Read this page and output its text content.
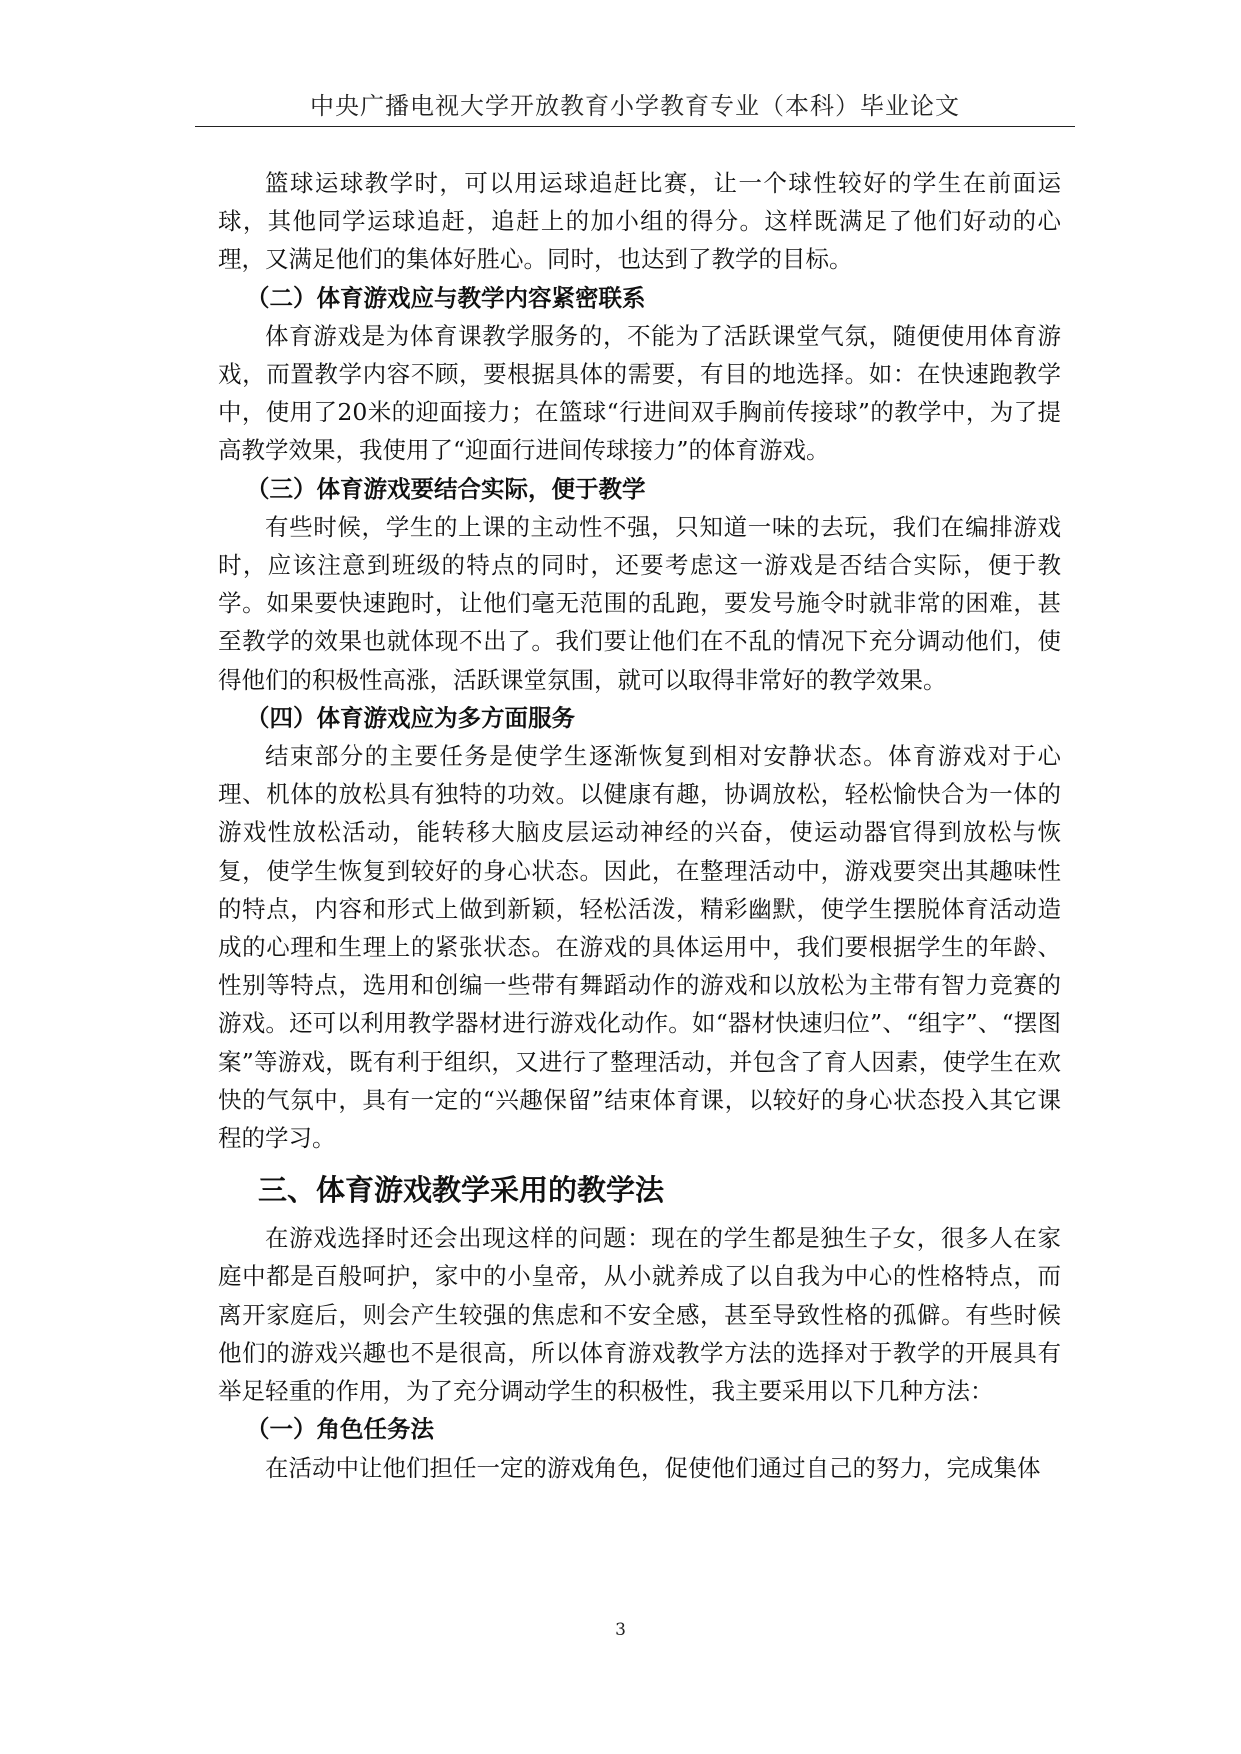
中央广播电视大学开放教育小学教育专业（本科）毕业论文

篮球运球教学时，可以用运球追赶比赛，让一个球性较好的学生在前面运球，其他同学运球追赶，追赶上的加小组的得分。这样既满足了他们好动的心理，又满足他们的集体好胜心。同时，也达到了教学的目标。

（二）体育游戏应与教学内容紧密联系

体育游戏是为体育课教学服务的，不能为了活跃课堂气氛，随便使用体育游戏，而置教学内容不顾，要根据具体的需要，有目的地选择。如：在快速跑教学中，使用了20米的迎面接力；在篮球“行进间双手胸前传接球”的教学中，为了提高教学效果，我使用了“迎面行进间传球接力”的体育游戏。

（三）体育游戏要结合实际，便于教学

有些时候，学生的上课的主动性不强，只知道一味的去玩，我们在编排游戏时，应该注意到班级的特点的同时，还要考虑这一游戏是否结合实际，便于教学。如果要快速跑时，让他们毫无范围的乱跑，要发号施令时就非常的困难，甚至教学的效果也就体现不出了。我们要让他们在不乱的情况下充分调动他们，使得他们的积极性高涨，活跃课堂氛围，就可以取得非常好的教学效果。

（四）体育游戏应为多方面服务

结束部分的主要任务是使学生逐渐恢复到相对安静状态。体育游戏对于心理、机体的放松具有独特的功效。以健康有趣，协调放松，轻松愉快合为一体的游戏性放松活动，能转移大脑皮层运动神经的兴奋，使运动器官得到放松与恢复，使学生恢复到较好的身心状态。因此，在整理活动中，游戏要突出其趣味性的特点，内容和形式上做到新颖，轻松活泼，精彩幽默，使学生摆脱体育活动造成的心理和生理上的紧张状态。在游戏的具体运用中，我们要根据学生的年龄、性别等特点，选用和创编一些带有舞蹈动作的游戏和以放松为主带有智力竞赛的游戏。还可以利用教学器材进行游戏化动作。如“器材快速归位”、“组字”、“摆图案”等游戏，既有利于组织，又进行了整理活动，并包含了育人因素，使学生在欢快的气氛中，具有一定的“兴趣保留”结束体育课，以较好的身心状态投入其它课程的学习。

三、体育游戏教学采用的教学法

在游戏选择时还会出现这样的问题：现在的学生都是独生子女，很多人在家庭中都是百般呵护，家中的小皇帝，从小就养成了以自我为中心的性格特点，而离开家庭后，则会产生较强的焦虑和不安全感，甚至导致性格的孤僻。有些时候他们的游戏兴趣也不是很高，所以体育游戏教学方法的选择对于教学的开展具有举足轻重的作用，为了充分调动学生的积极性，我主要采用以下几种方法：

（一）角色任务法

在活动中让他们担任一定的游戏角色，促使他们通过自己的努力，完成集体

3
